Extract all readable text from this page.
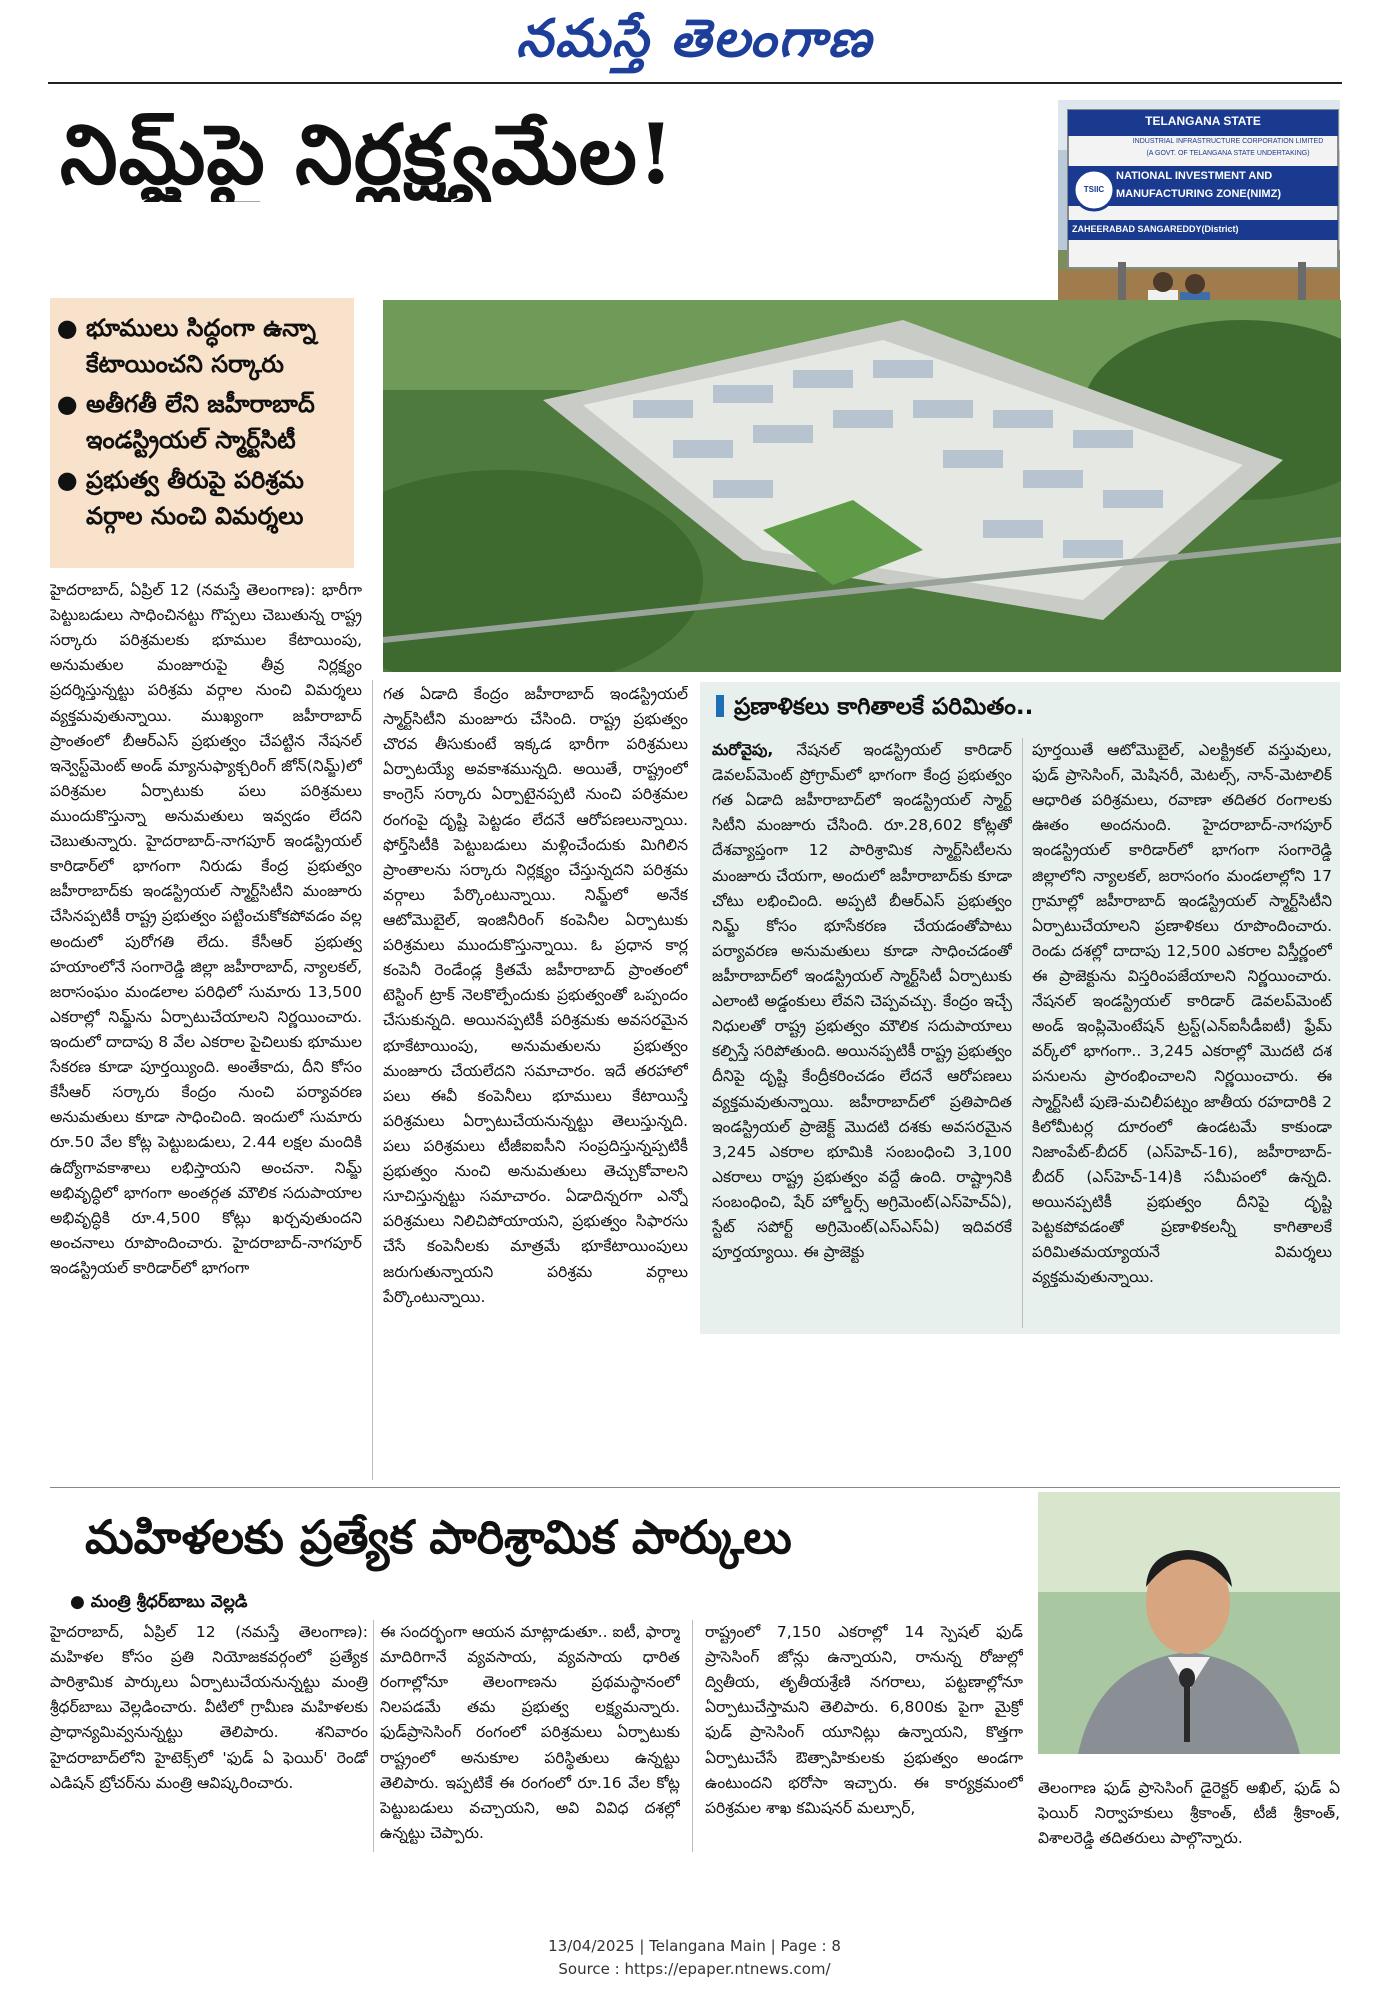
నమస్తే తెలంగాణ
నిమ్జ్‌పై నిర్లక్ష్యమేల!	TELANGANA STATE
INDUSTRIAL INFRASTRUCTURE CORPORATION LIMITED
(A GOVT. OF TELANGANA STATE UNDERTAKING)
TSIIC
NATIONAL INVESTMENT AND
MANUFACTURING ZONE(NIMZ)
ZAHEERABAD SANGAREDDY(District)
● భూములు సిద్ధంగా ఉన్నా కేటాయించని సర్కారు
● అతీగతీ లేని జహీరాబాద్ ఇండస్ట్రియల్ స్మార్ట్‌సిటీ
● ప్రభుత్వ తీరుపై పరిశ్రమ వర్గాల నుంచి విమర్శలు

హైదరాబాద్, ఏప్రిల్ 12 (నమస్తే తెలంగాణ): భారీగా పెట్టుబడులు సాధించినట్టు గొప్పలు చెబుతున్న రాష్ట్ర సర్కారు పరిశ్రమలకు భూముల కేటాయింపు, అనుమతుల మంజూరుపై తీవ్ర నిర్లక్ష్యం ప్రదర్శిస్తున్నట్టు పరిశ్రమ వర్గాల నుంచి విమర్శలు వ్యక్తమవుతున్నాయి. ముఖ్యంగా జహీరాబాద్ ప్రాంతంలో బీఆర్‌ఎస్ ప్రభుత్వం చేపట్టిన నేషనల్ ఇన్వెస్ట్‌మెంట్ అండ్ మ్యానుఫ్యాక్చరింగ్ జోన్(నిమ్జ్)లో పరిశ్రమల ఏర్పాటుకు పలు పరిశ్రమలు ముందుకొస్తున్నా అనుమతులు ఇవ్వడం లేదని చెబుతున్నారు. హైదరాబాద్-నాగపూర్ ఇండస్ట్రియల్ కారిడార్‌లో భాగంగా నిరుడు కేంద్ర ప్రభుత్వం జహీరాబాద్‌కు ఇండస్ట్రియల్ స్మార్ట్‌సిటీని మంజూరు చేసినప్పటికీ రాష్ట్ర ప్రభుత్వం పట్టించుకోకపోవడం వల్ల అందులో పురోగతి లేదు. కేసీఆర్ ప్రభుత్వ హయాంలోనే సంగారెడ్డి జిల్లా జహీరాబాద్, న్యాలకల్, జరాసంఘం మండలాల పరిధిలో సుమారు 13,500 ఎకరాల్లో నిమ్జ్‌ను ఏర్పాటుచేయాలని నిర్ణయించారు. ఇందులో దాదాపు 8 వేల ఎకరాల పైచిలుకు భూముల సేకరణ కూడా పూర్తయ్యింది. అంతేకాదు, దీని కోసం కేసీఆర్ సర్కారు కేంద్రం నుంచి పర్యావరణ అనుమతులు కూడా సాధించింది. ఇందులో సుమారు రూ.50 వేల కోట్ల పెట్టుబడులు, 2.44 లక్షల మందికి ఉద్యోగావకాశాలు లభిస్తాయని అంచనా. నిమ్జ్ అభివృద్ధిలో భాగంగా అంతర్గత మౌలిక సదుపాయాల అభివృద్ధికి రూ.4,500 కోట్లు ఖర్చవుతుందని అంచనాలు రూపొందించారు. హైదరాబాద్-నాగపూర్ ఇండస్ట్రియల్ కారిడార్‌లో భాగంగా

గత ఏడాది కేంద్రం జహీరాబాద్ ఇండస్ట్రియల్ స్మార్ట్‌సిటీని మంజూరు చేసింది. రాష్ట్ర ప్రభుత్వం చొరవ తీసుకుంటే ఇక్కడ భారీగా పరిశ్రమలు ఏర్పాటయ్యే అవకాశమున్నది. అయితే, రాష్ట్రంలో కాంగ్రెస్ సర్కారు ఏర్పాటైనప్పటి నుంచి పరిశ్రమల రంగంపై దృష్టి పెట్టడం లేదనే ఆరోపణలున్నాయి. ఫోర్త్‌సిటీకి పెట్టుబడులు మళ్లించేందుకు మిగిలిన ప్రాంతాలను సర్కారు నిర్లక్ష్యం చేస్తున్నదని పరిశ్రమ వర్గాలు పేర్కొంటున్నాయి. నిమ్జ్‌లో అనేక ఆటోమొబైల్, ఇంజినీరింగ్ కంపెనీల ఏర్పాటుకు పరిశ్రమలు ముందుకొస్తున్నాయి. ఓ ప్రధాన కార్ల కంపెనీ రెండేండ్ల క్రితమే జహీరాబాద్ ప్రాంతంలో టెస్టింగ్ ట్రాక్ నెలకొల్పేందుకు ప్రభుత్వంతో ఒప్పందం చేసుకున్నది. అయినప్పటికీ పరిశ్రమకు అవసరమైన భూకేటాయింపు, అనుమతులను ప్రభుత్వం మంజూరు చేయలేదని సమాచారం. ఇదే తరహాలో పలు ఈవీ కంపెనీలు భూములు కేటాయిస్తే పరిశ్రమలు ఏర్పాటుచేయనున్నట్టు తెలుస్తున్నది. పలు పరిశ్రమలు టీజీఐఐసీని సంప్రదిస్తున్నప్పటికీ ప్రభుత్వం నుంచి అనుమతులు తెచ్చుకోవాలని సూచిస్తున్నట్టు సమాచారం. ఏడాదిన్నరగా ఎన్నో పరిశ్రమలు నిలిచిపోయాయని, ప్రభుత్వం సిఫారసు చేసే కంపెనీలకు మాత్రమే భూకేటాయింపులు జరుగుతున్నాయని పరిశ్రమ వర్గాలు పేర్కొంటున్నాయి.

ప్రణాళికలు కాగితాలకే పరిమితం..

మరోవైపు, నేషనల్ ఇండస్ట్రియల్ కారిడార్ డెవలప్‌మెంట్ ప్రోగ్రామ్‌లో భాగంగా కేంద్ర ప్రభుత్వం గత ఏడాది జహీరాబాద్‌లో ఇండస్ట్రియల్ స్మార్ట్ సిటీని మంజూరు చేసింది. రూ.28,602 కోట్లతో దేశవ్యాప్తంగా 12 పారిశ్రామిక స్మార్ట్‌సిటీలను మంజూరు చేయగా, అందులో జహీరాబాద్‌కు కూడా చోటు లభించింది. అప్పటి బీఆర్‌ఎస్ ప్రభుత్వం నిమ్జ్ కోసం భూసేకరణ చేయడంతోపాటు పర్యావరణ అనుమతులు కూడా సాధించడంతో జహీరాబాద్‌లో ఇండస్ట్రియల్ స్మార్ట్‌సిటీ ఏర్పాటుకు ఎలాంటి అడ్డంకులు లేవని చెప్పవచ్చు. కేంద్రం ఇచ్చే నిధులతో రాష్ట్ర ప్రభుత్వం మౌలిక సదుపాయాలు కల్పిస్తే సరిపోతుంది. అయినప్పటికీ రాష్ట్ర ప్రభుత్వం దీనిపై దృష్టి కేంద్రీకరించడం లేదనే ఆరోపణలు వ్యక్తమవుతున్నాయి. జహీరాబాద్‌లో ప్రతిపాదిత ఇండస్ట్రియల్ ప్రాజెక్ట్ మొదటి దశకు అవసరమైన 3,245 ఎకరాల భూమికి సంబంధించి 3,100 ఎకరాలు రాష్ట్ర ప్రభుత్వం వద్దే ఉంది. రాష్ట్రానికి సంబంధించి, షేర్ హోల్డర్స్ అగ్రిమెంట్(ఎస్‌హెచ్‌ఏ), స్టేట్ సపోర్ట్ అగ్రిమెంట్(ఎస్‌ఎస్‌ఏ) ఇదివరకే పూర్తయ్యాయి. ఈ ప్రాజెక్టు

పూర్తయితే ఆటోమొబైల్, ఎలక్ట్రికల్ వస్తువులు, ఫుడ్ ప్రాసెసింగ్, మెషినరీ, మెటల్స్, నాన్-మెటాలిక్ ఆధారిత పరిశ్రమలు, రవాణా తదితర రంగాలకు ఊతం అందనుంది. హైదరాబాద్-నాగపూర్ ఇండస్ట్రియల్ కారిడార్‌లో భాగంగా సంగారెడ్డి జిల్లాలోని న్యాలకల్, జరాసంగం మండలాల్లోని 17 గ్రామాల్లో జహీరాబాద్ ఇండస్ట్రియల్ స్మార్ట్‌సిటీని ఏర్పాటుచేయాలని ప్రణాళికలు రూపొందించారు. రెండు దశల్లో దాదాపు 12,500 ఎకరాల విస్తీర్ణంలో ఈ ప్రాజెక్టును విస్తరింపజేయాలని నిర్ణయించారు. నేషనల్ ఇండస్ట్రియల్ కారిడార్ డెవలప్‌మెంట్ అండ్ ఇంప్లిమెంటేషన్ ట్రస్ట్(ఎన్‌ఐసీడీఐటీ) ఫ్రేమ్ వర్క్‌లో భాగంగా.. 3,245 ఎకరాల్లో మొదటి దశ పనులను ప్రారంభించాలని నిర్ణయించారు. ఈ స్మార్ట్‌సిటీ పుణె-మచిలీపట్నం జాతీయ రహదారికి 2 కిలోమీటర్ల దూరంలో ఉండటమే కాకుండా నిజాంపేట్-బీదర్ (ఎస్‌హెచ్-16), జహీరాబాద్-బీదర్ (ఎస్‌హెచ్-14)కి సమీపంలో ఉన్నది. అయినప్పటికీ ప్రభుత్వం దీనిపై దృష్టి పెట్టకపోవడంతో ప్రణాళికలన్నీ కాగితాలకే పరిమితమయ్యాయనే విమర్శలు వ్యక్తమవుతున్నాయి.

మహిళలకు ప్రత్యేక పారిశ్రామిక పార్కులు
● మంత్రి శ్రీధర్‌బాబు వెల్లడి

హైదరాబాద్, ఏప్రిల్ 12 (నమస్తే తెలంగాణ): మహిళల కోసం ప్రతి నియోజకవర్గంలో ప్రత్యేక పారిశ్రామిక పార్కులు ఏర్పాటుచేయనున్నట్టు మంత్రి శ్రీధర్‌బాబు వెల్లడించారు. వీటిలో గ్రామీణ మహిళలకు ప్రాధాన్యమివ్వనున్నట్టు తెలిపారు. శనివారం హైదరాబాద్‌లోని హైటెక్స్‌లో 'ఫుడ్ ఏ ఫెయిర్' రెండో ఎడిషన్ బ్రోచర్‌ను మంత్రి ఆవిష్కరించారు.

ఈ సందర్భంగా ఆయన మాట్లాడుతూ.. ఐటీ, ఫార్మా మాదిరిగానే వ్యవసాయ, వ్యవసాయ ధారిత రంగాల్లోనూ తెలంగాణను ప్రథమస్థానంలో నిలపడమే తమ ప్రభుత్వ లక్ష్యమన్నారు. ఫుడ్‌ప్రాసెసింగ్ రంగంలో పరిశ్రమలు ఏర్పాటుకు రాష్ట్రంలో అనుకూల పరిస్థితులు ఉన్నట్టు తెలిపారు. ఇప్పటికే ఈ రంగంలో రూ.16 వేల కోట్ల పెట్టుబడులు వచ్చాయని, అవి వివిధ దశల్లో ఉన్నట్టు చెప్పారు.

రాష్ట్రంలో 7,150 ఎకరాల్లో 14 స్పెషల్ ఫుడ్ ప్రాసెసింగ్ జోన్లు ఉన్నాయని, రానున్న రోజుల్లో ద్వితీయ, తృతీయశ్రేణి నగరాలు, పట్టణాల్లోనూ ఏర్పాటుచేస్తామని తెలిపారు. 6,800కు పైగా మైక్రో ఫుడ్ ప్రాసెసింగ్ యూనిట్లు ఉన్నాయని, కొత్తగా ఏర్పాటుచేసే ఔత్సాహికులకు ప్రభుత్వం అండగా ఉంటుందని భరోసా ఇచ్చారు. ఈ కార్యక్రమంలో పరిశ్రమల శాఖ కమిషనర్ మల్సూర్,

తెలంగాణ ఫుడ్ ప్రాసెసింగ్ డైరెక్టర్ అఖిల్, ఫుడ్ ఏ ఫెయిర్ నిర్వాహకులు శ్రీకాంత్, టీజీ శ్రీకాంత్, విశాలరెడ్డి తదితరులు పాల్గొన్నారు.

13/04/2025 | Telangana Main | Page : 8
Source : https://epaper.ntnews.com/
